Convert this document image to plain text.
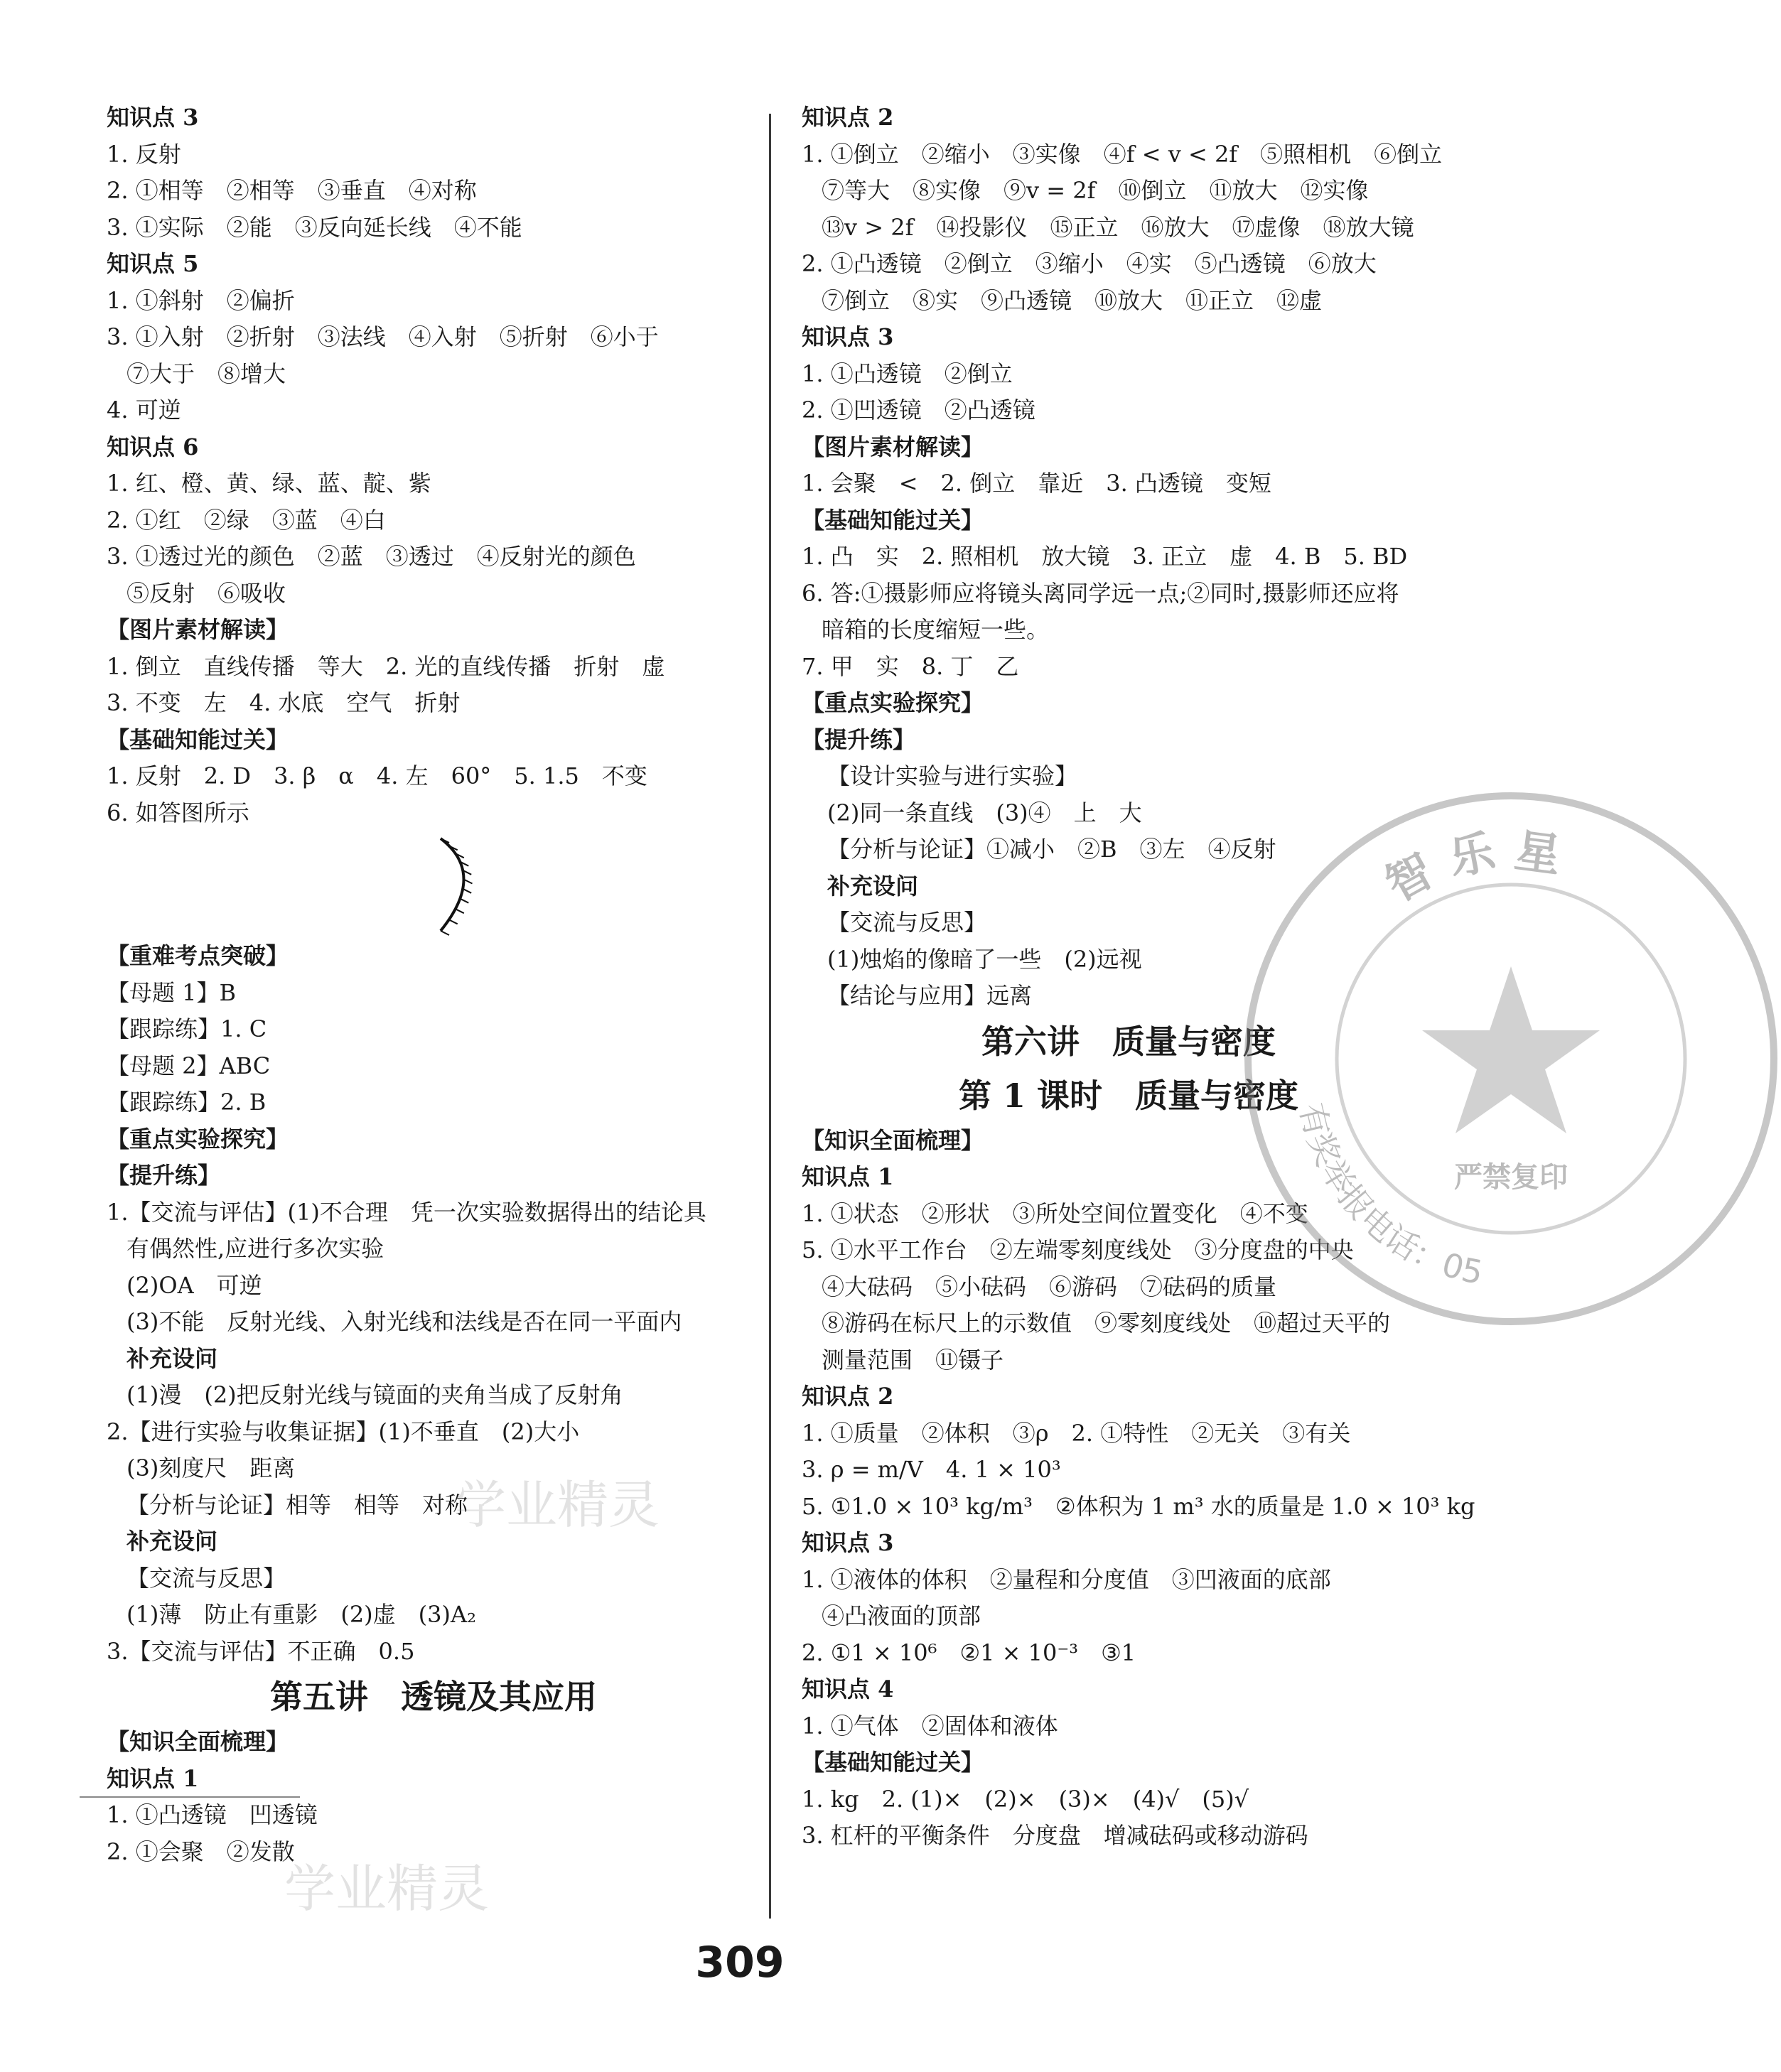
知识点 3
1. 反射
2. ①相等　②相等　③垂直　④对称
3. ①实际　②能　③反向延长线　④不能
知识点 5
1. ①斜射　②偏折
3. ①入射　②折射　③法线　④入射　⑤折射　⑥小于
⑦大于　⑧增大
4. 可逆
知识点 6
1. 红、橙、黄、绿、蓝、靛、紫
2. ①红　②绿　③蓝　④白
3. ①透过光的颜色　②蓝　③透过　④反射光的颜色
⑤反射　⑥吸收
【图片素材解读】
1. 倒立　直线传播　等大　2. 光的直线传播　折射　虚
3. 不变　左　4. 水底　空气　折射
【基础知能过关】
1. 反射　2. D　3. β　α　4. 左　60°　5. 1.5　不变
6. 如答图所示
【重难考点突破】
【母题 1】B
【跟踪练】1. C
【母题 2】ABC
【跟踪练】2. B
【重点实验探究】
【提升练】
1.【交流与评估】(1)不合理　凭一次实验数据得出的结论具
有偶然性,应进行多次实验
(2)OA　可逆
(3)不能　反射光线、入射光线和法线是否在同一平面内
补充设问
(1)漫　(2)把反射光线与镜面的夹角当成了反射角
2.【进行实验与收集证据】(1)不垂直　(2)大小
(3)刻度尺　距离
【分析与论证】相等　相等　对称
补充设问
【交流与反思】
(1)薄　防止有重影　(2)虚　(3)A₂
3.【交流与评估】不正确　0.5
第五讲　透镜及其应用
【知识全面梳理】
知识点 1
1. ①凸透镜　凹透镜
2. ①会聚　②发散
知识点 2
1. ①倒立　②缩小　③实像　④f < v < 2f　⑤照相机　⑥倒立
⑦等大　⑧实像　⑨v = 2f　⑩倒立　⑪放大　⑫实像
⑬v > 2f　⑭投影仪　⑮正立　⑯放大　⑰虚像　⑱放大镜
2. ①凸透镜　②倒立　③缩小　④实　⑤凸透镜　⑥放大
⑦倒立　⑧实　⑨凸透镜　⑩放大　⑪正立　⑫虚
知识点 3
1. ①凸透镜　②倒立
2. ①凹透镜　②凸透镜
【图片素材解读】
1. 会聚　<　2. 倒立　靠近　3. 凸透镜　变短
【基础知能过关】
1. 凸　实　2. 照相机　放大镜　3. 正立　虚　4. B　5. BD
6. 答:①摄影师应将镜头离同学远一点;②同时,摄影师还应将
暗箱的长度缩短一些。
7. 甲　实　8. 丁　乙
【重点实验探究】
【提升练】
【设计实验与进行实验】
(2)同一条直线　(3)④　上　大
【分析与论证】①减小　②B　③左　④反射
补充设问
【交流与反思】
(1)烛焰的像暗了一些　(2)远视
【结论与应用】远离
第六讲　质量与密度
第 1 课时　质量与密度
【知识全面梳理】
知识点 1
1. ①状态　②形状　③所处空间位置变化　④不变
5. ①水平工作台　②左端零刻度线处　③分度盘的中央
④大砝码　⑤小砝码　⑥游码　⑦砝码的质量
⑧游码在标尺上的示数值　⑨零刻度线处　⑩超过天平的
测量范围　⑪镊子
知识点 2
1. ①质量　②体积　③ρ　2. ①特性　②无关　③有关
3. ρ = m/V　4. 1 × 10³
5. ①1.0 × 10³ kg/m³　②体积为 1 m³ 水的质量是 1.0 × 10³ kg
知识点 3
1. ①液体的体积　②量程和分度值　③凹液面的底部
④凸液面的顶部
2. ①1 × 10⁶　②1 × 10⁻³　③1
知识点 4
1. ①气体　②固体和液体
【基础知能过关】
1. kg　2. (1)×　(2)×　(3)×　(4)√　(5)√
3. 杠杆的平衡条件　分度盘　增减砝码或移动游码
学业精灵
学业精灵
智 乐 星
严禁复印
有奖举报电话：05
309
